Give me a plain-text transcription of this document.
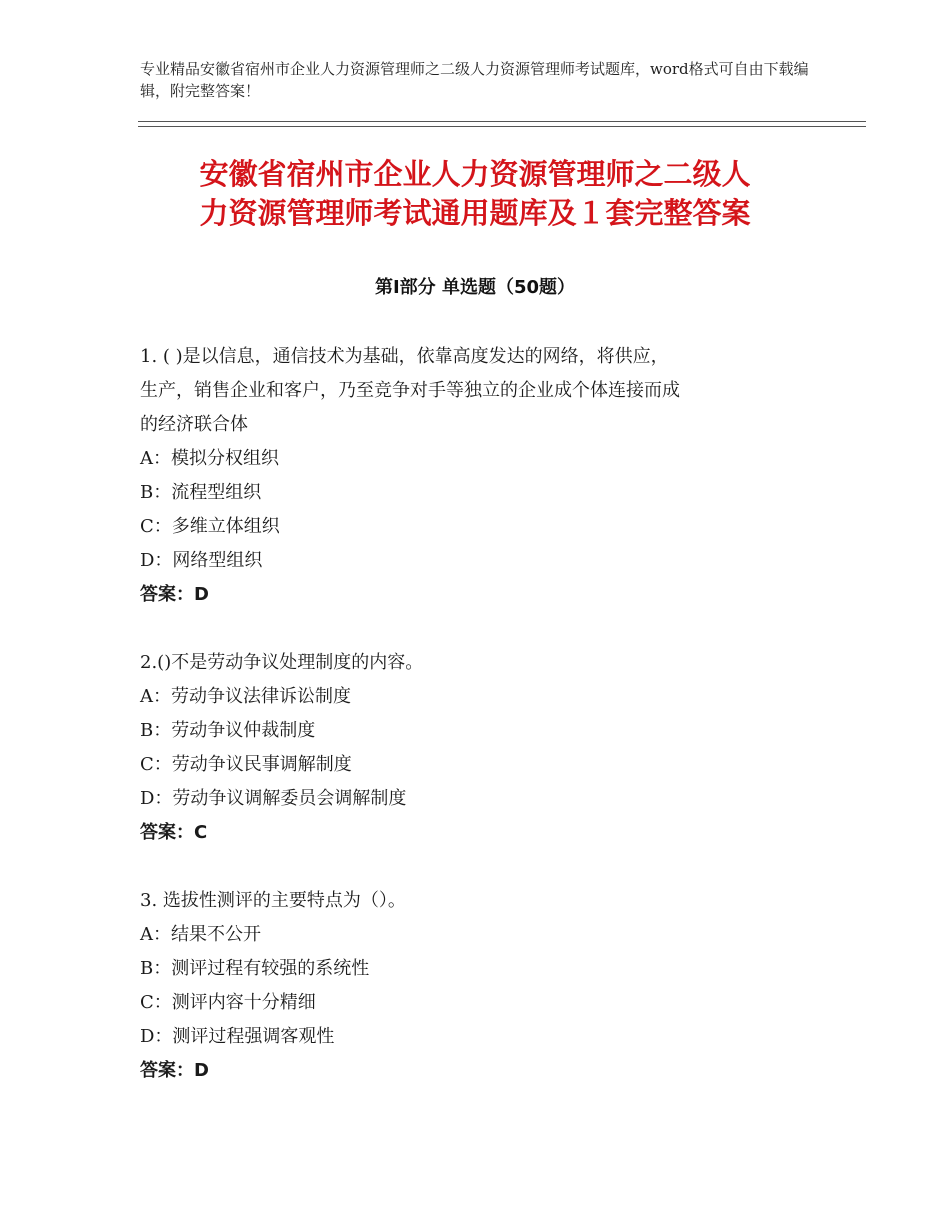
专业精品安徽省宿州市企业人力资源管理师之二级人力资源管理师考试题库，word格式可自由下载编辑，附完整答案！
安徽省宿州市企业人力资源管理师之二级人
力资源管理师考试通用题库及１套完整答案
第Ⅰ部分 单选题（50题）

1. ( )是以信息，通信技术为基础，依靠高度发达的网络，将供应，

生产，销售企业和客户，乃至竞争对手等独立的企业成个体连接而成

的经济联合体

A：模拟分权组织

B：流程型组织

C：多维立体组织

D：网络型组织

答案：D

2.()不是劳动争议处理制度的内容。

A：劳动争议法律诉讼制度

B：劳动争议仲裁制度

C：劳动争议民事调解制度

D：劳动争议调解委员会调解制度

答案：C

3. 选拔性测评的主要特点为（）。

A：结果不公开

B：测评过程有较强的系统性

C：测评内容十分精细

D：测评过程强调客观性

答案：D
